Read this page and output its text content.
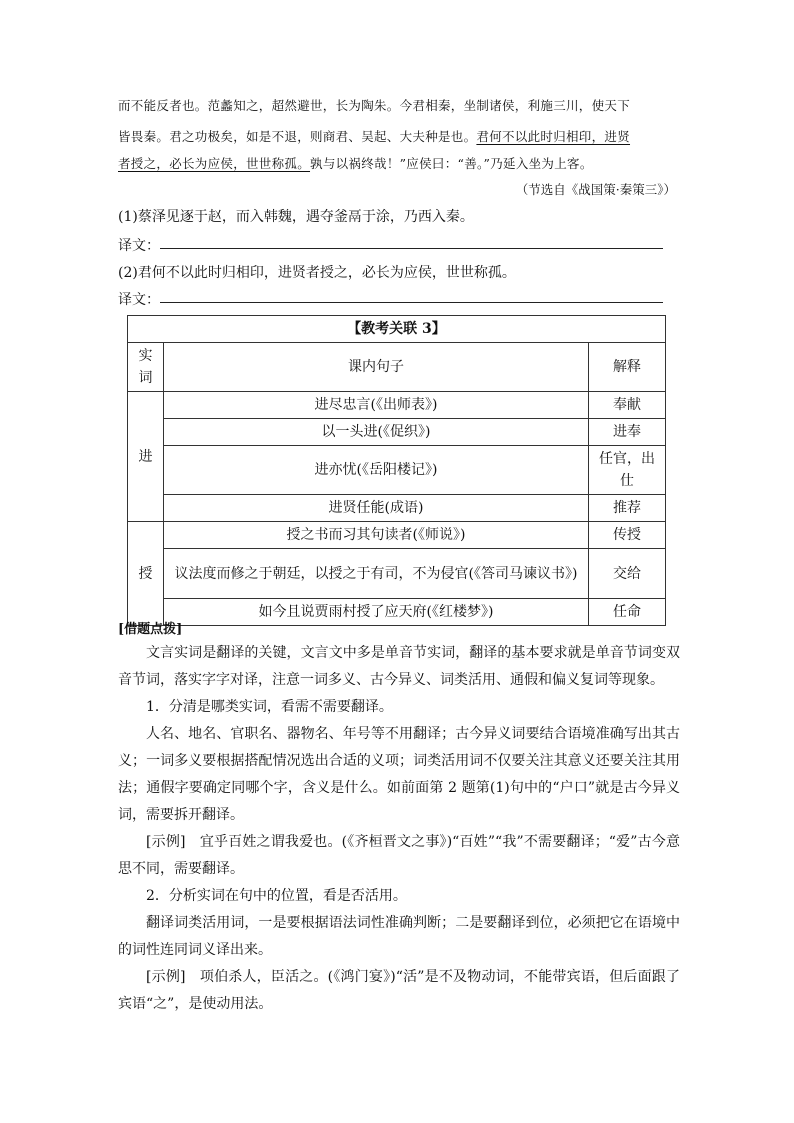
而不能反者也。范蠡知之，超然避世，长为陶朱。今君相秦，坐制诸侯，利施三川，使天下
皆畏秦。君之功极矣，如是不退，则商君、吴起、大夫种是也。君何不以此时归相印，进贤
者授之，必长为应侯，世世称孤。孰与以祸终哉！”应侯曰：“善。”乃延入坐为上客。
（节选自《战国策·秦策三》）
(1)蔡泽见逐于赵，而入韩魏，遇夺釜鬲于涂，乃西入秦。
译文：
(2)君何不以此时归相印，进贤者授之，必长为应侯，世世称孤。
译文：
【教考关联 3】		
实词	课内句子	解释
进	进尽忠言(《出师表》)	奉献
	以一头进(《促织》)	进奉
	进亦忧(《岳阳楼记》)	任官，出仕
	进贤任能(成语)	推荐
授	授之书而习其句读者(《师说》)	传授
	议法度而修之于朝廷，以授之于有司，不为侵官(《答司马谏议书》)	交给
	如今且说贾雨村授了应天府(《红楼梦》)	任命
[借题点拨]

文言实词是翻译的关键，文言文中多是单音节实词，翻译的基本要求就是单音节词变双音节词，落实字字对译，注意一词多义、古今异义、词类活用、通假和偏义复词等现象。

1．分清是哪类实词，看需不需要翻译。

人名、地名、官职名、器物名、年号等不用翻译；古今异义词要结合语境准确写出其古义；一词多义要根据搭配情况选出合适的义项；词类活用词不仅要关注其意义还要关注其用法；通假字要确定同哪个字，含义是什么。如前面第 2 题第(1)句中的“户口”就是古今异义词，需要拆开翻译。

[示例]　宜乎百姓之谓我爱也。(《齐桓晋文之事》)“百姓”“我”不需要翻译；“爱”古今意思不同，需要翻译。

2．分析实词在句中的位置，看是否活用。

翻译词类活用词，一是要根据语法词性准确判断；二是要翻译到位，必须把它在语境中的词性连同词义译出来。

[示例]　项伯杀人，臣活之。(《鸿门宴》)“活”是不及物动词，不能带宾语，但后面跟了宾语“之”，是使动用法。
